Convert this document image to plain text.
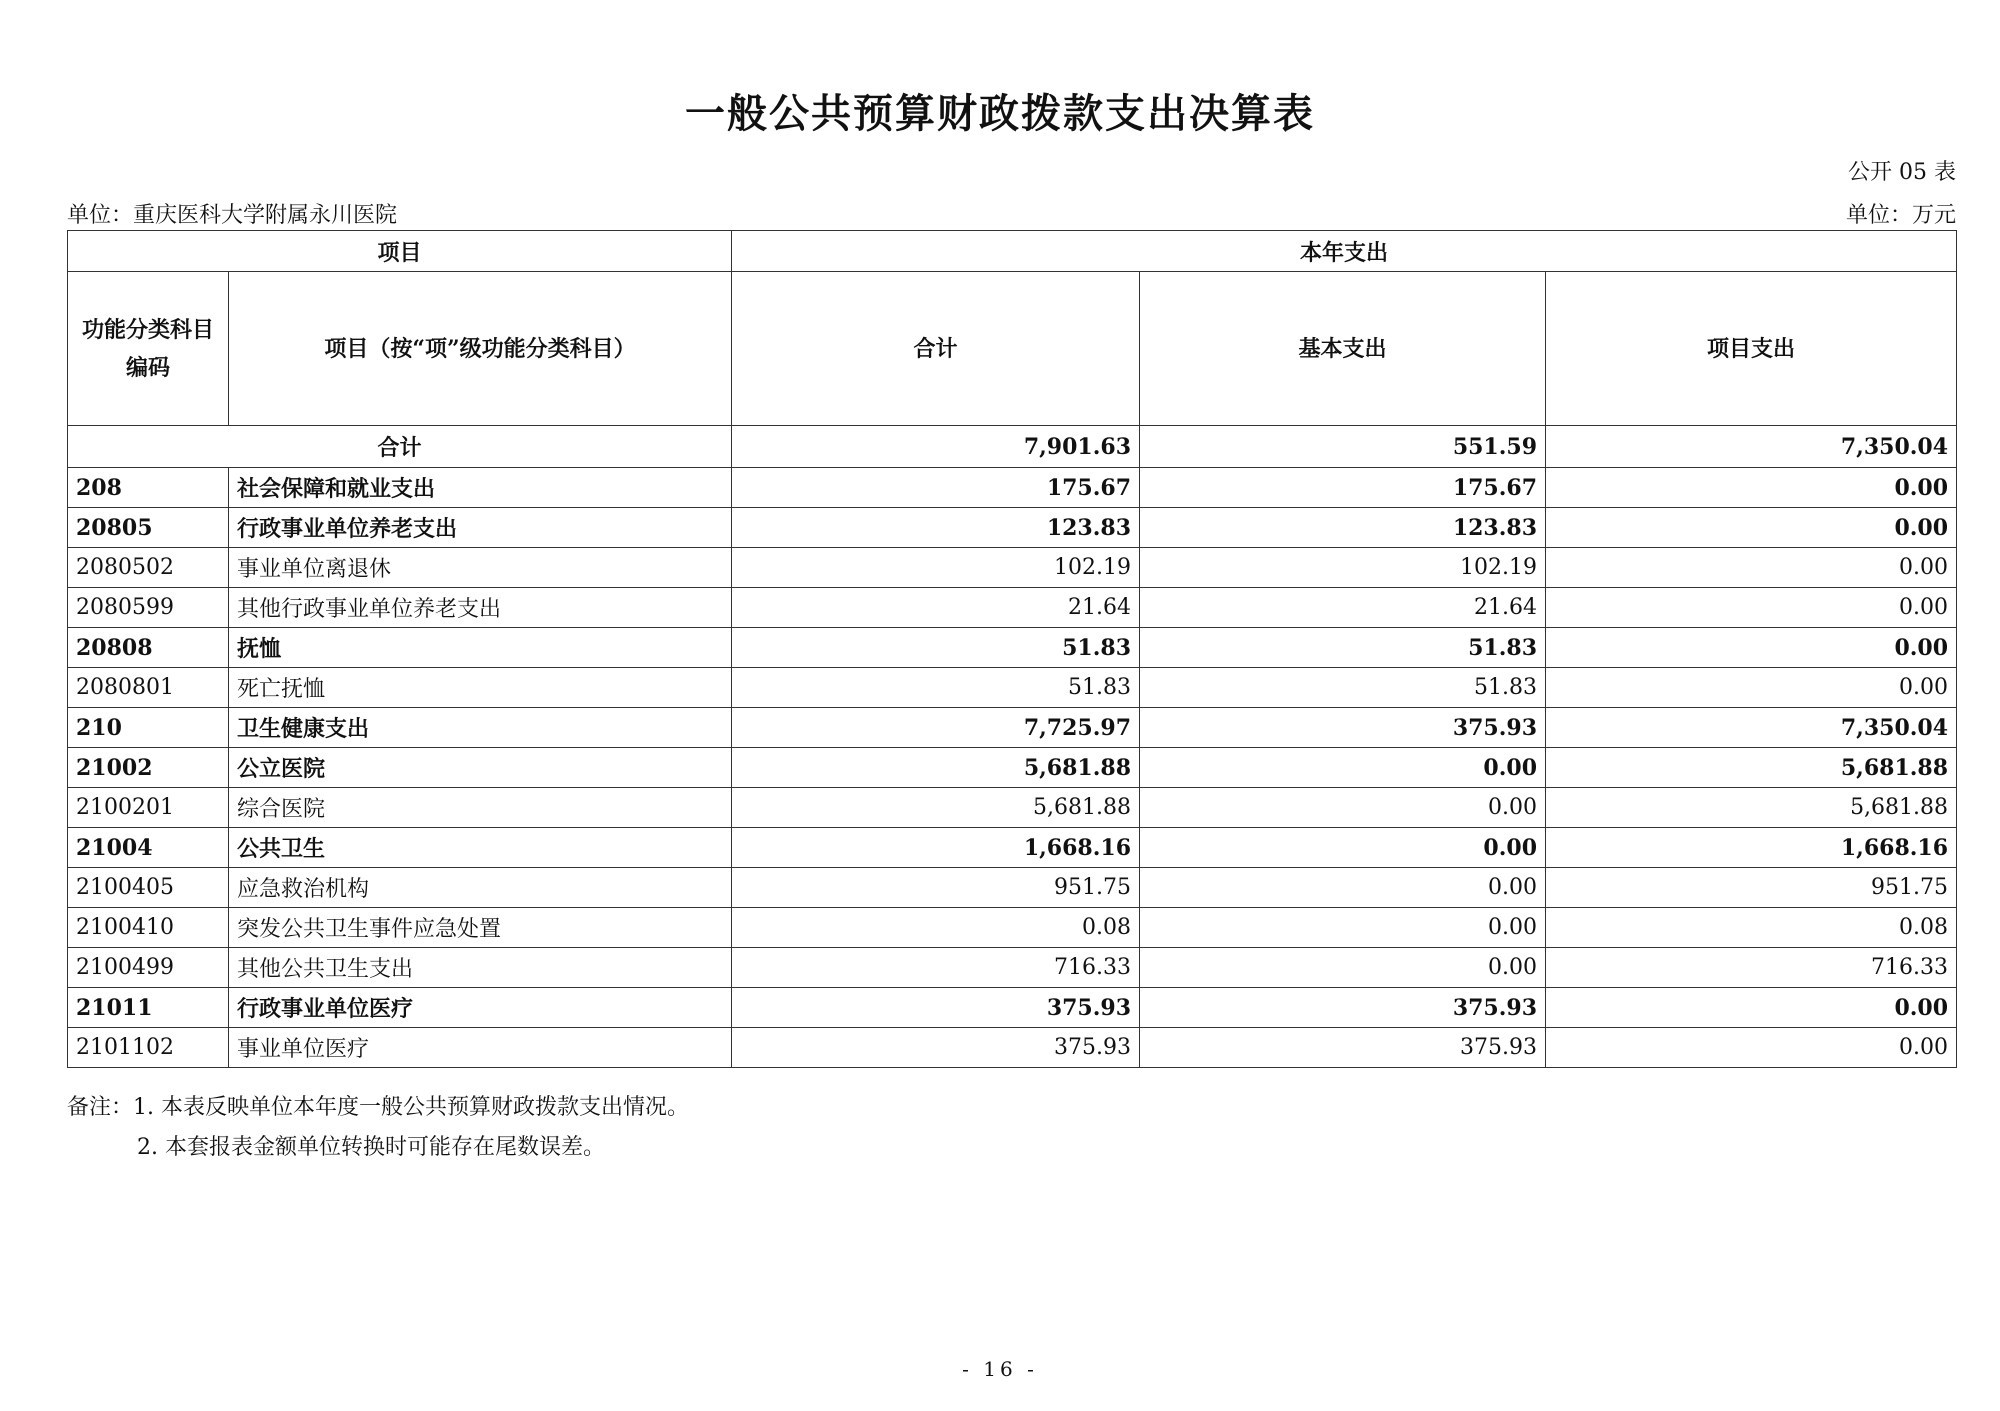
一般公共预算财政拨款支出决算表
公开 05 表
单位：重庆医科大学附属永川医院	单位：万元
项目		本年支出		

功能分类科目
编码	项目（按“项”级功能分类科目）	合计	基本支出	项目支出
合计		7,901.63	551.59	7,350.04
208	社会保障和就业支出	175.67	175.67	0.00
20805	行政事业单位养老支出	123.83	123.83	0.00
2080502	事业单位离退休	102.19	102.19	0.00
2080599	其他行政事业单位养老支出	21.64	21.64	0.00
20808	抚恤	51.83	51.83	0.00
2080801	死亡抚恤	51.83	51.83	0.00
210	卫生健康支出	7,725.97	375.93	7,350.04
21002	公立医院	5,681.88	0.00	5,681.88
2100201	综合医院	5,681.88	0.00	5,681.88
21004	公共卫生	1,668.16	0.00	1,668.16
2100405	应急救治机构	951.75	0.00	951.75
2100410	突发公共卫生事件应急处置	0.08	0.00	0.08
2100499	其他公共卫生支出	716.33	0.00	716.33
21011	行政事业单位医疗	375.93	375.93	0.00
2101102	事业单位医疗	375.93	375.93	0.00
备注：1. 本表反映单位本年度一般公共预算财政拨款支出情况。
2. 本套报表金额单位转换时可能存在尾数误差。
- 16 -
